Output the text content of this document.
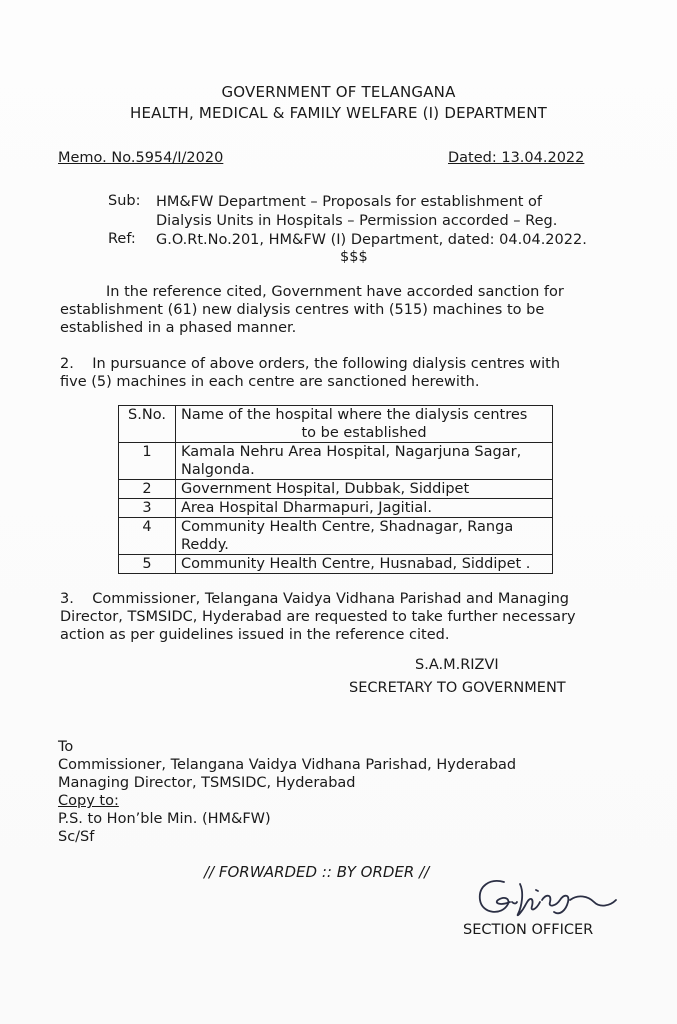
GOVERNMENT OF TELANGANA
HEALTH, MEDICAL & FAMILY WELFARE (I) DEPARTMENT
Memo. No.5954/I/2020	Dated: 13.04.2022
Sub: HM&FW Department – Proposals for establishment of
Dialysis Units in Hospitals – Permission accorded – Reg.
Ref: G.O.Rt.No.201, HM&FW (I) Department, dated: 04.04.2022.
$$$
In the reference cited, Government have accorded sanction for
establishment (61) new dialysis centres with (515) machines to be
established in a phased manner.
2.    In pursuance of above orders, the following dialysis centres with
five (5) machines in each centre are sanctioned herewith.
S.No.	Name of the hospital where the dialysis centres
to be established

1	Kamala Nehru Area Hospital, Nagarjuna Sagar,
Nalgonda.

2	Government Hospital, Dubbak, Siddipet
3	Area Hospital Dharmapuri, Jagitial.
4	Community Health Centre, Shadnagar, Ranga
Reddy.

5	Community Health Centre, Husnabad, Siddipet .
3.    Commissioner, Telangana Vaidya Vidhana Parishad and Managing
Director, TSMSIDC, Hyderabad are requested to take further necessary
action as per guidelines issued in the reference cited.
S.A.M.RIZVI
SECRETARY TO GOVERNMENT
To
Commissioner, Telangana Vaidya Vidhana Parishad, Hyderabad
Managing Director, TSMSIDC, Hyderabad
Copy to:
P.S. to Hon’ble Min. (HM&FW)
Sc/Sf
// FORWARDED :: BY ORDER //
SECTION OFFICER
